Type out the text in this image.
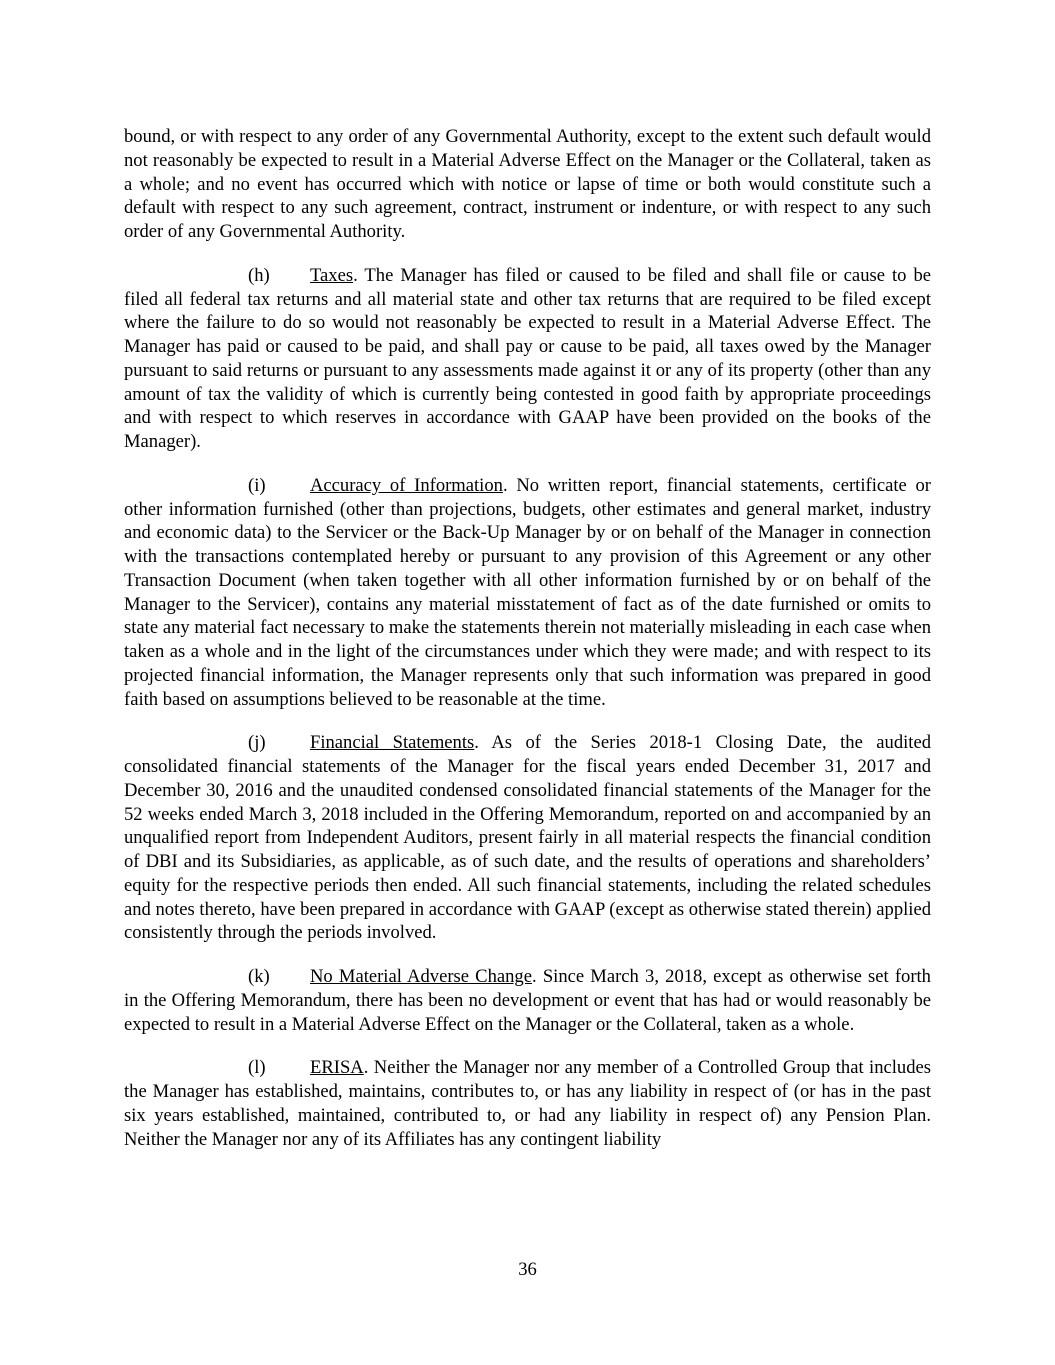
bound, or with respect to any order of any Governmental Authority, except to the extent such default would not reasonably be expected to result in a Material Adverse Effect on the Manager or the Collateral, taken as a whole; and no event has occurred which with notice or lapse of time or both would constitute such a default with respect to any such agreement, contract, instrument or indenture, or with respect to any such order of any Governmental Authority.

(h) Taxes. The Manager has filed or caused to be filed and shall file or cause to be filed all federal tax returns and all material state and other tax returns that are required to be filed except where the failure to do so would not reasonably be expected to result in a Material Adverse Effect. The Manager has paid or caused to be paid, and shall pay or cause to be paid, all taxes owed by the Manager pursuant to said returns or pursuant to any assessments made against it or any of its property (other than any amount of tax the validity of which is currently being contested in good faith by appropriate proceedings and with respect to which reserves in accordance with GAAP have been provided on the books of the Manager).

(i) Accuracy of Information. No written report, financial statements, certificate or other information furnished (other than projections, budgets, other estimates and general market, industry and economic data) to the Servicer or the Back-Up Manager by or on behalf of the Manager in connection with the transactions contemplated hereby or pursuant to any provision of this Agreement or any other Transaction Document (when taken together with all other information furnished by or on behalf of the Manager to the Servicer), contains any material misstatement of fact as of the date furnished or omits to state any material fact necessary to make the statements therein not materially misleading in each case when taken as a whole and in the light of the circumstances under which they were made; and with respect to its projected financial information, the Manager represents only that such information was prepared in good faith based on assumptions believed to be reasonable at the time.

(j) Financial Statements. As of the Series 2018-1 Closing Date, the audited consolidated financial statements of the Manager for the fiscal years ended December 31, 2017 and December 30, 2016 and the unaudited condensed consolidated financial statements of the Manager for the 52 weeks ended March 3, 2018 included in the Offering Memorandum, reported on and accompanied by an unqualified report from Independent Auditors, present fairly in all material respects the financial condition of DBI and its Subsidiaries, as applicable, as of such date, and the results of operations and shareholders’ equity for the respective periods then ended. All such financial statements, including the related schedules and notes thereto, have been prepared in accordance with GAAP (except as otherwise stated therein) applied consistently through the periods involved.

(k) No Material Adverse Change. Since March 3, 2018, except as otherwise set forth in the Offering Memorandum, there has been no development or event that has had or would reasonably be expected to result in a Material Adverse Effect on the Manager or the Collateral, taken as a whole.

(l) ERISA. Neither the Manager nor any member of a Controlled Group that includes the Manager has established, maintains, contributes to, or has any liability in respect of (or has in the past six years established, maintained, contributed to, or had any liability in respect of) any Pension Plan. Neither the Manager nor any of its Affiliates has any contingent liability

36
